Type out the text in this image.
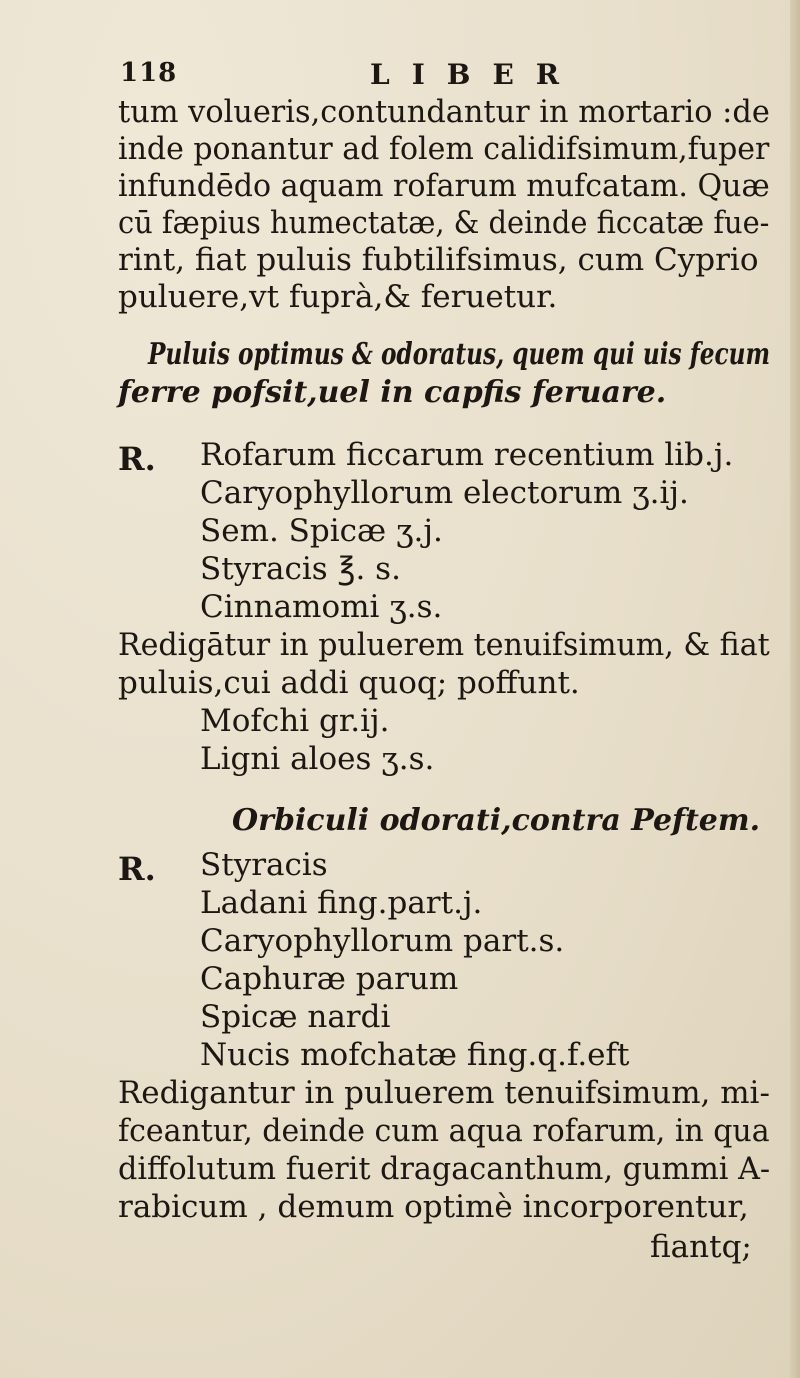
118	LIBER
tum volueris,contundantur in mortario :de
inde ponantur ad folem calidifsimum,fuper
infundēdo aquam rofarum mufcatam. Quæ
cū fæpius humectatæ, & deinde ficcatæ fue-
rint, fiat puluis fubtilifsimus, cum Cyprio
puluere,vt fuprà,& feruetur.
Puluis optimus & odoratus, quem qui uis fecum
ferre pofsit,uel in capfis feruare.
R. Rofarum ficcarum recentium lib.j.
Caryophyllorum electorum ʒ.ij.
Sem. Spicæ ʒ.j.
Styracis ℥. s.
Cinnamomi ʒ.s.
Redigātur in puluerem tenuifsimum, & fiat
puluis,cui addi quoq; poffunt.
Mofchi gr.ij.
Ligni aloes ʒ.s.
Orbiculi odorati,contra Peftem.
R. Styracis
Ladani fing.part.j.
Caryophyllorum part.s.
Caphuræ parum
Spicæ nardi
Nucis mofchatæ fing.q.f.eft
Redigantur in puluerem tenuifsimum, mi-
fceantur, deinde cum aqua rofarum, in qua
diffolutum fuerit dragacanthum, gummi A-
rabicum , demum optimè incorporentur,
fiantq;
